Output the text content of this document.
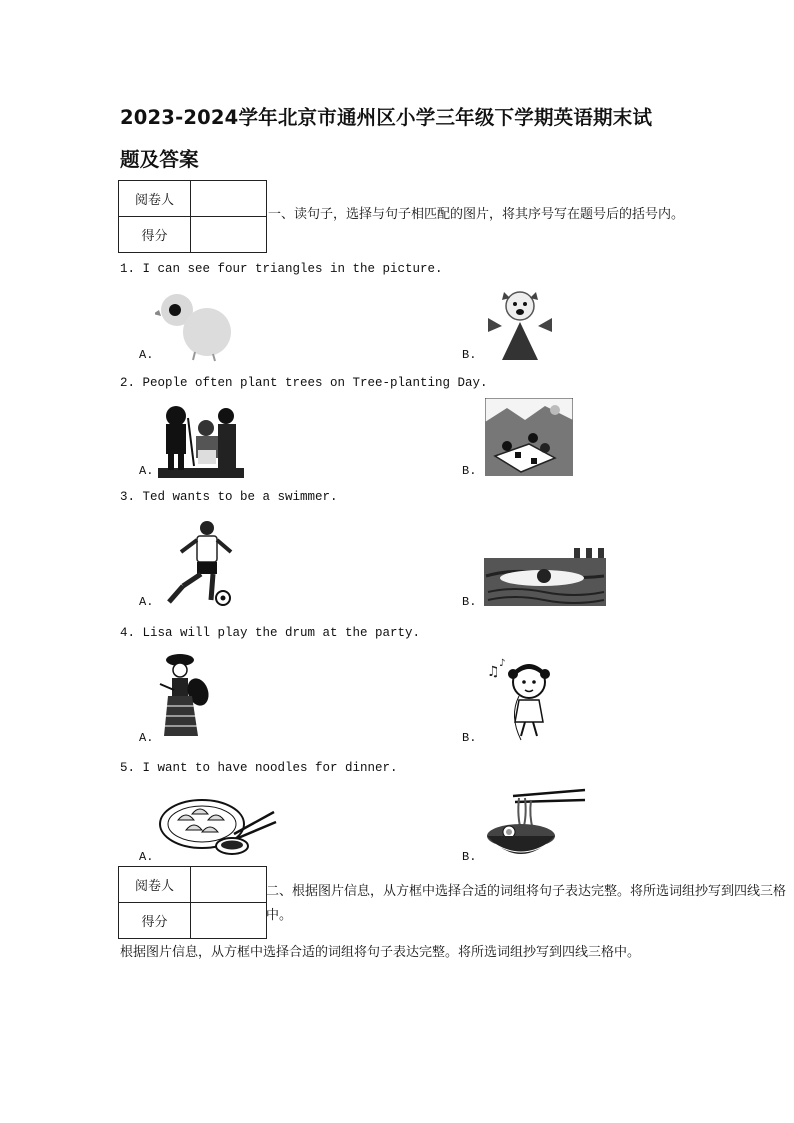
2023-2024学年北京市通州区小学三年级下学期英语期末试
题及答案
阅卷人	
得分	
一、读句子，选择与句子相匹配的图片，将其序号写在题号后的括号内。
1. I can see four triangles in the picture.
A.	B.
2. People often plant trees on Tree-planting Day.
A.	B.
3. Ted wants to be a swimmer.
A.	B.
4. Lisa will play the drum at the party.
A.	B.
♫
♪
5. I want to have noodles for dinner.
A.	B.
阅卷人	
得分	
二、根据图片信息，从方框中选择合适的词组将句子表达完整。将所选词组抄写到四线三格中。
根据图片信息，从方框中选择合适的词组将句子表达完整。将所选词组抄写到四线三格中。
